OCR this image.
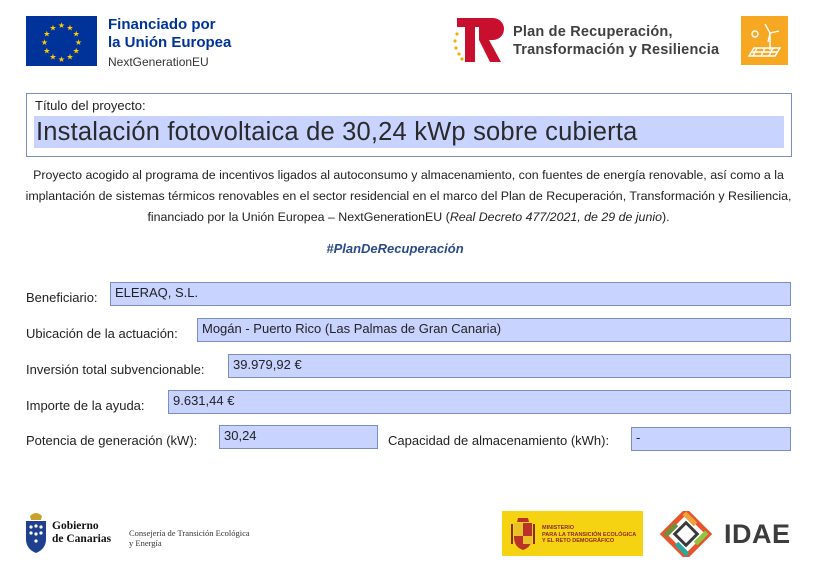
★ ★
★
★
★
★
★
★
★
★
★
★	Financiado por
la Unión Europea
NextGenerationEU
Plan de Recuperación,
Transformación y Resiliencia
Título del proyecto:
Instalación fotovoltaica de 30,24 kWp sobre cubierta
Proyecto acogido al programa de incentivos ligados al autoconsumo y almacenamiento, con fuentes de energía renovable, así como a la implantación de sistemas térmicos renovables en el sector residencial en el marco del Plan de Recuperación, Transformación y Resiliencia, financiado por la Unión Europea – NextGenerationEU (Real Decreto 477/2021, de 29 de junio).
#PlanDeRecuperación
Beneficiario:	ELERAQ, S.L.
Ubicación de la actuación:	Mogán - Puerto Rico (Las Palmas de Gran Canaria)
Inversión total subvencionable:	39.979,92 €
Importe de la ayuda:	9.631,44 €
Potencia de generación (kW):	30,24	Capacidad de almacenamiento (kWh):	-
Gobierno
de Canarias Consejería de Transición Ecológica
y Energía
MINISTERIO
PARA LA TRANSICIÓN ECOLÓGICA
Y EL RETO DEMOGRÁFICO	IDAE
